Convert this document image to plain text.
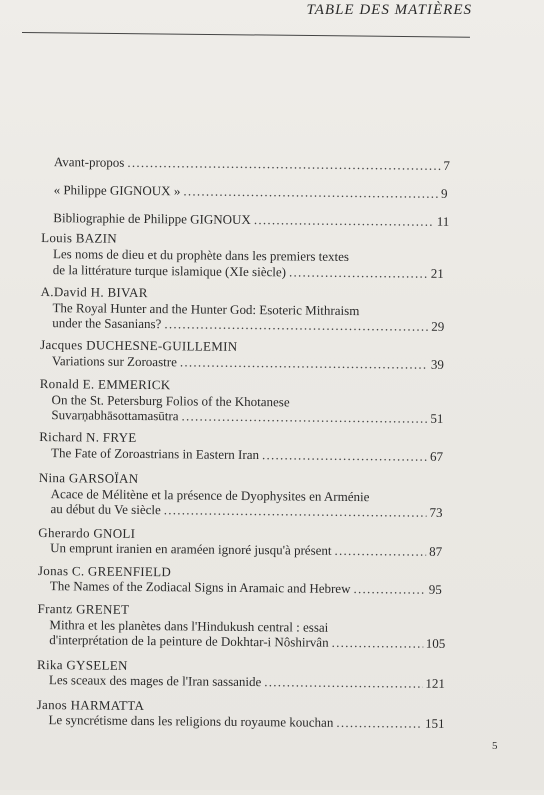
TABLE DES MATIÈRES
Avant-propos . . .	7
« Philippe GIGNOUX » . . .	9
Bibliographie de Philippe GIGNOUX . . .	11
Louis BAZIN
Les noms de dieu et du prophète dans les premiers textes
de la littérature turque islamique (XIe siècle) . . .	21
A.David H. BIVAR
The Royal Hunter and the Hunter God: Esoteric Mithraism
under the Sasanians? . . .	29
Jacques DUCHESNE-GUILLEMIN
Variations sur Zoroastre . . .	39
Ronald E. EMMERICK
On the St. Petersburg Folios of the Khotanese
Suvarṇabhāsottamasūtra . . .	51
Richard N. FRYE
The Fate of Zoroastrians in Eastern Iran . . .	67
Nina GARSOÏAN
Acace de Mélitène et la présence de Dyophysites en Arménie
au début du Ve siècle . . .	73
Gherardo GNOLI
Un emprunt iranien en araméen ignoré jusqu'à présent . . .	87
Jonas C. GREENFIELD
The Names of the Zodiacal Signs in Aramaic and Hebrew . . .	95
Frantz GRENET
Mithra et les planètes dans l'Hindukush central : essai
d'interprétation de la peinture de Dokhtar-i Nôshirvân . . .	105
Rika GYSELEN
Les sceaux des mages de l'Iran sassanide . . .	121
Janos HARMATTA
Le syncrétisme dans les religions du royaume kouchan . . .	151
5
